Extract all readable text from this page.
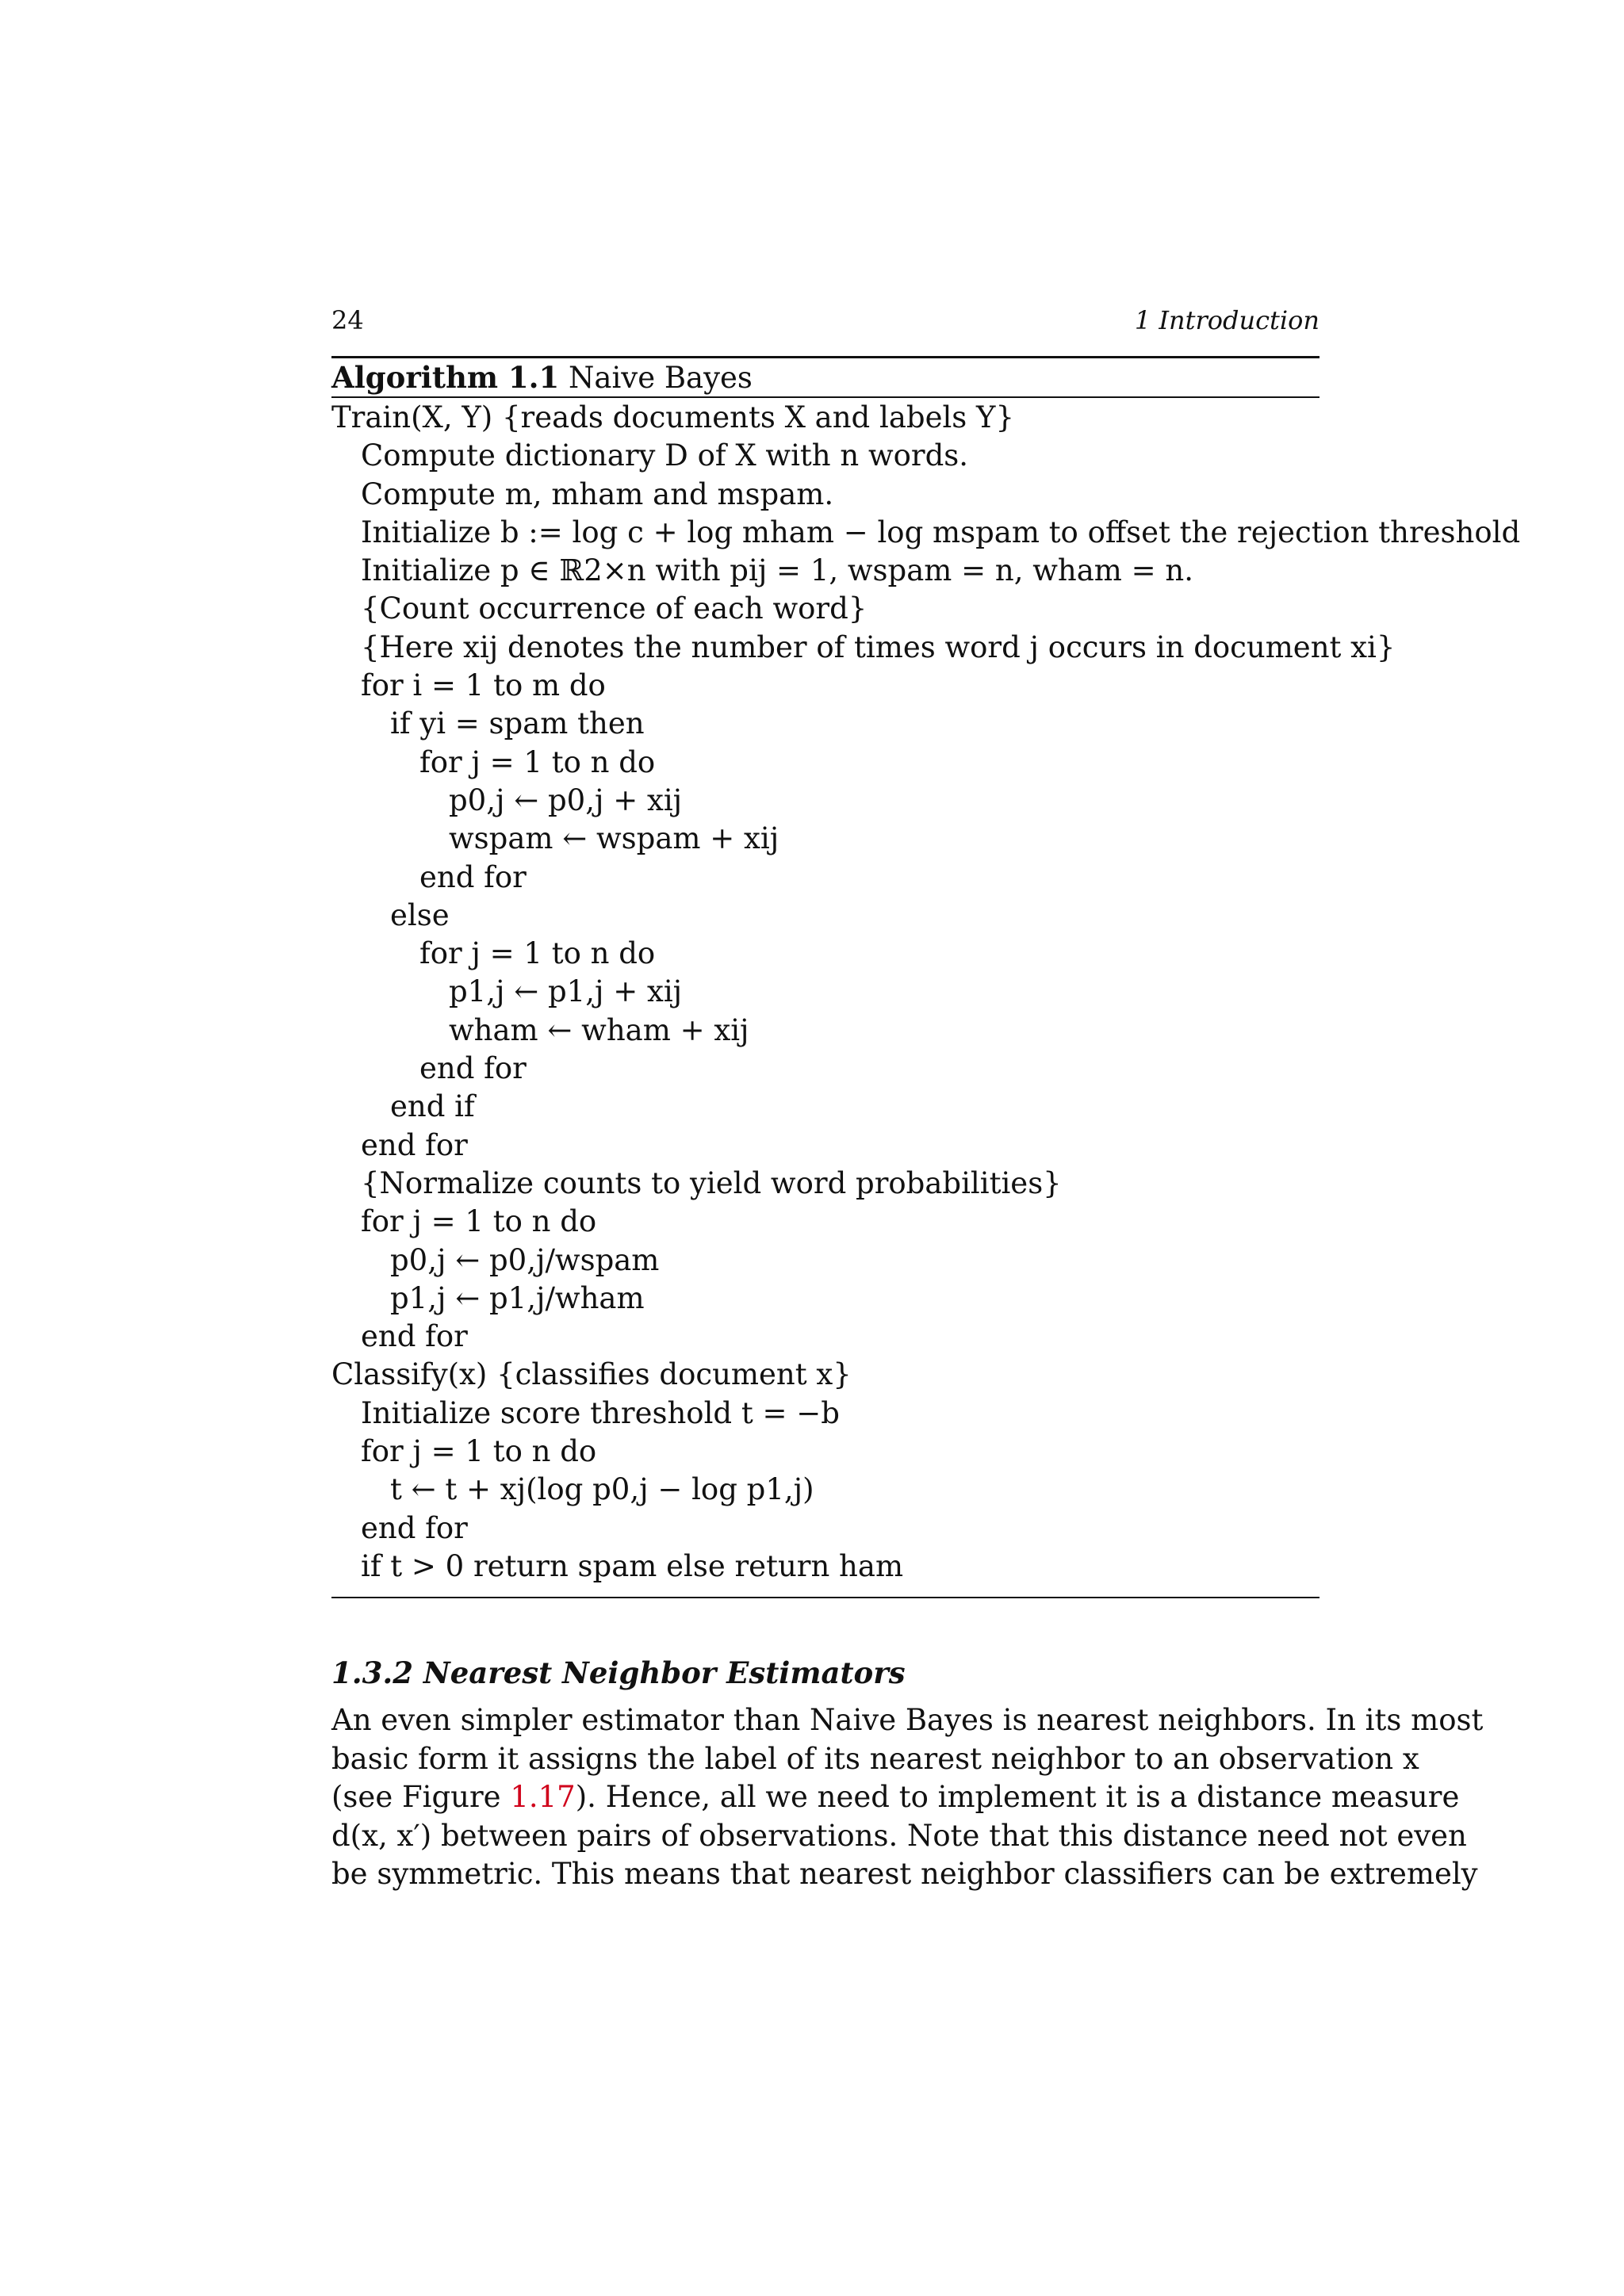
24	1 Introduction
Algorithm 1.1 Naive Bayes
Train(X, Y) {reads documents X and labels Y}
Compute dictionary D of X with n words.
Compute m, mham and mspam.
Initialize b := log c + log mham − log mspam to offset the rejection threshold
Initialize p ∈ ℝ2×n with pij = 1, wspam = n, wham = n.
{Count occurrence of each word}
{Here xij denotes the number of times word j occurs in document xi}
for i = 1 to m do
if yi = spam then
for j = 1 to n do
p0,j ← p0,j + xij
wspam ← wspam + xij
end for
else
for j = 1 to n do
p1,j ← p1,j + xij
wham ← wham + xij
end for
end if
end for
{Normalize counts to yield word probabilities}
for j = 1 to n do
p0,j ← p0,j/wspam
p1,j ← p1,j/wham
end for
Classify(x) {classifies document x}
Initialize score threshold t = −b
for j = 1 to n do
t ← t + xj(log p0,j − log p1,j)
end for
if t > 0 return spam else return ham
1.3.2 Nearest Neighbor Estimators
An even simpler estimator than Naive Bayes is nearest neighbors. In its most
basic form it assigns the label of its nearest neighbor to an observation x
(see Figure 1.17). Hence, all we need to implement it is a distance measure
d(x, x′) between pairs of observations. Note that this distance need not even
be symmetric. This means that nearest neighbor classifiers can be extremely
